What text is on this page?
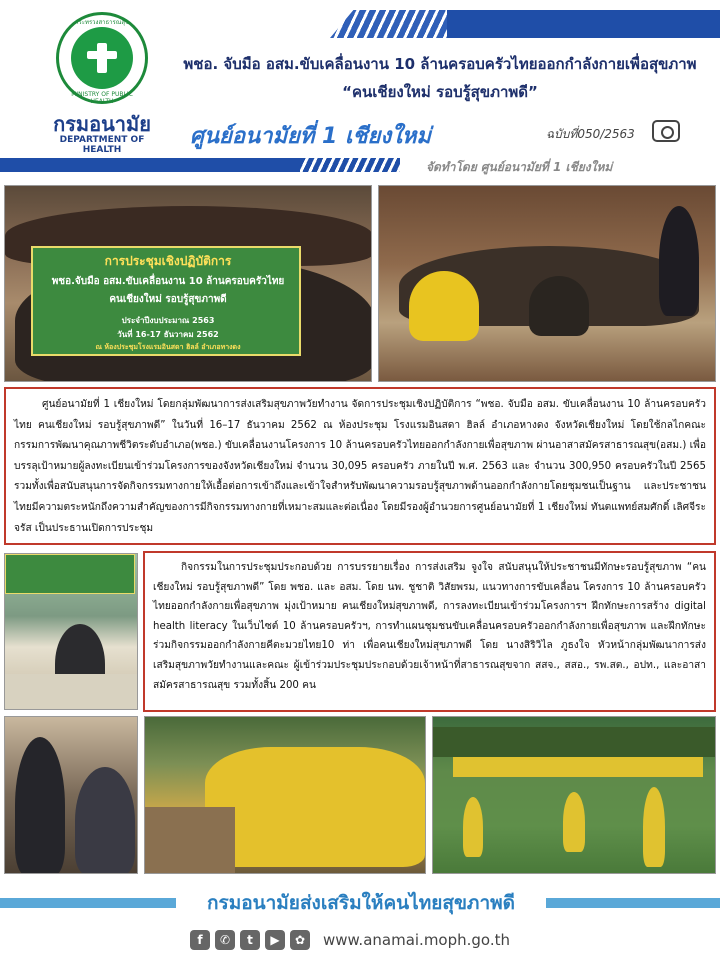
กระทรวงสาธารณสุข
MINISTRY OF PUBLIC HEALTH
กรมอนามัย
DEPARTMENT OF HEALTH
พชอ. จับมือ อสม.ขับเคลื่อนงาน 10 ล้านครอบครัวไทยออกกำลังกายเพื่อสุขภาพ
“คนเชียงใหม่ รอบรู้สุขภาพดี”
ศูนย์อนามัยที่ 1 เชียงใหม่	ฉบับที่050/2563
จัดทำโดย ศูนย์อนามัยที่ 1 เชียงใหม่
การประชุมเชิงปฏิบัติการ
พชอ.จับมือ อสม.ขับเคลื่อนงาน 10 ล้านครอบครัวไทย
คนเชียงใหม่ รอบรู้สุขภาพดี
ประจำปีงบประมาณ 2563
วันที่ 16-17 ธันวาคม 2562
ณ ห้องประชุมโรงแรมอินสดา ฮิลล์ อำเภอทางดง

ศูนย์อนามัยที่ 1 เชียงใหม่ โดยกลุ่มพัฒนาการส่งเสริมสุขภาพวัยทำงาน จัดการประชุมเชิงปฏิบัติการ “พชอ. จับมือ อสม. ขับเคลื่อนงาน 10 ล้านครอบครัวไทย คนเชียงใหม่ รอบรู้สุขภาพดี” ในวันที่ 16–17 ธันวาคม 2562 ณ ห้องประชุม โรงแรมอินสดา ฮิลล์ อำเภอหางดง จังหวัดเชียงใหม่ โดยใช้กลไกคณะกรรมการพัฒนาคุณภาพชีวิตระดับอำเภอ(พชอ.) ขับเคลื่อนงานโครงการ 10 ล้านครอบครัวไทยออกกำลังกายเพื่อสุขภาพ ผ่านอาสาสมัครสาธารณสุข(อสม.) เพื่อบรรลุเป้าหมายผู้ลงทะเบียนเข้าร่วมโครงการของจังหวัดเชียงใหม่ จำนวน 30,095 ครอบครัว ภายในปี พ.ศ. 2563 และ จำนวน 300,950 ครอบครัวในปี 2565 รวมทั้งเพื่อสนับสนุนการจัดกิจกรรมทางกายให้เอื้อต่อการเข้าถึงและเข้าใจสำหรับพัฒนาความรอบรู้สุขภาพด้านออกกำลังกายโดยชุมชนเป็นฐาน และประชาชนไทยมีความตระหนักถึงความสำคัญของการมีกิจกรรมทางกายที่เหมาะสมและต่อเนื่อง โดยมีรองผู้อำนวยการศูนย์อนามัยที่ 1 เชียงใหม่ ทันตแพทย์สมศักดิ์ เลิศจีระจรัส เป็นประธานเปิดการประชุม

กิจกรรมในการประชุมประกอบด้วย การบรรยายเรื่อง การส่งเสริม จูงใจ สนับสนุนให้ประชาชนมีทักษะรอบรู้สุขภาพ “คนเชียงใหม่ รอบรู้สุขภาพดี” โดย พชอ. และ อสม. โดย นพ. ชูชาติ วิสัยพรม, แนวทางการขับเคลื่อน โครงการ 10 ล้านครอบครัวไทยออกกำลังกายเพื่อสุขภาพ มุ่งเป้าหมาย คนเชียงใหม่สุขภาพดี, การลงทะเบียนเข้าร่วมโครงการฯ ฝึกทักษะการสร้าง digital health literacy ในเว็บไซต์ 10 ล้านครอบครัวฯ, การทำแผนชุมชนขับเคลื่อนครอบครัวออกกำลังกายเพื่อสุขภาพ และฝึกทักษะร่วมกิจกรรมออกกำลังกายคีตะมวยไทย10 ท่า เพื่อคนเชียงใหม่สุขภาพดี โดย นางสิริวิไล ภูธงใจ หัวหน้ากลุ่มพัฒนาการส่งเสริมสุขภาพวัยทำงานและคณะ ผู้เข้าร่วมประชุมประกอบด้วยเจ้าหน้าที่สาธารณสุขจาก สสจ., สสอ., รพ.สต., อปท., และอาสาสมัครสาธารณสุข รวมทั้งสิ้น 200 คน

กรมอนามัยส่งเสริมให้คนไทยสุขภาพดี
f	✆	t	▶	✿	www.anamai.moph.go.th
